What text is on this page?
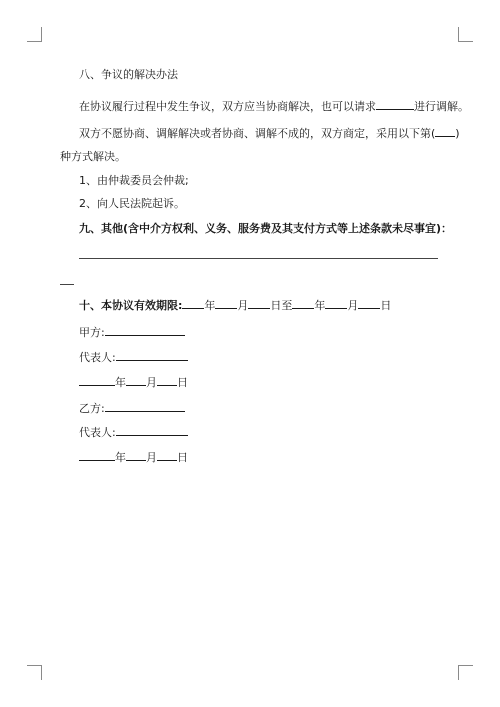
八、争议的解决办法
在协议履行过程中发生争议，双方应当协商解决，也可以请求	进行调解。
双方不愿协商、调解解决或者协商、调解不成的，双方商定，采用以下第( )
种方式解决。
1、由仲裁委员会仲裁;
2、向人民法院起诉。
九、其他(含中介方权利、义务、服务费及其支付方式等上述条款未尽事宜)：
十、本协议有效期限: 年 月 日至 年 月 日
甲方:
代表人:
年 月 日
乙方:
代表人:
年 月 日
